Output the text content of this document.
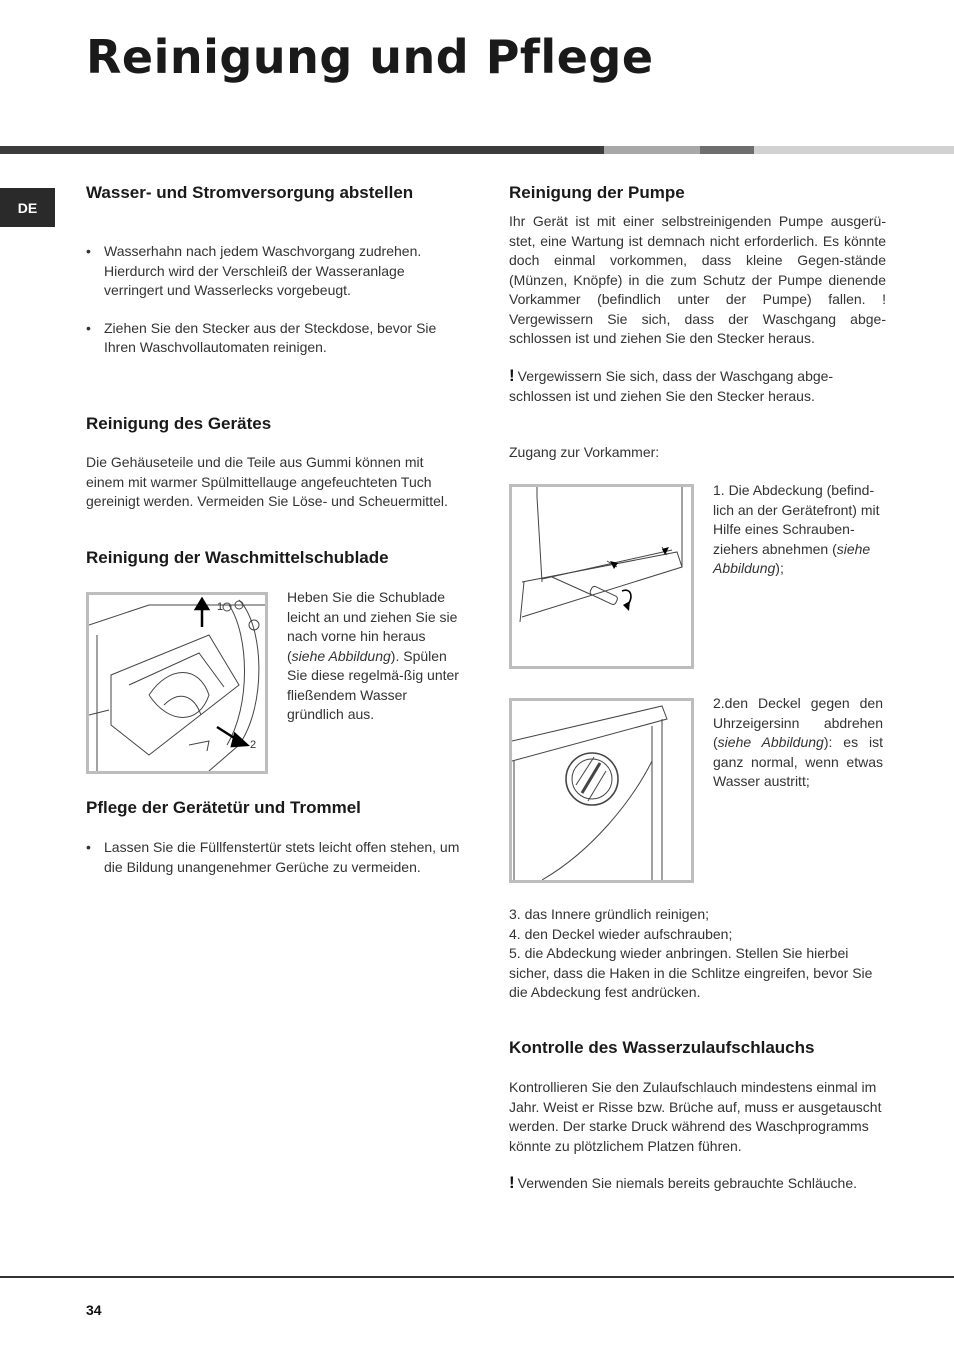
Reinigung und Pflege
DE
Wasser- und Stromversorgung abstellen
• Wasserhahn nach jedem Waschvorgang zudrehen. Hierdurch wird der Verschleiß der Wasseranlage verringert und Wasserlecks vorgebeugt.
• Ziehen Sie den Stecker aus der Steckdose, bevor Sie Ihren Waschvollautomaten reinigen.
Reinigung des Gerätes

Die Gehäuseteile und die Teile aus Gummi können mit einem mit warmer Spülmittellauge angefeuchteten Tuch gereinigt werden. Vermeiden Sie Löse- und Scheuermittel.

Reinigung der Waschmittelschublade
1
2

Heben Sie die Schublade leicht an und ziehen Sie sie nach vorne hin heraus (siehe Abbildung). Spülen Sie diese regelmä-ßig unter fließendem Wasser gründlich aus.

Pflege der Gerätetür und Trommel
• Lassen Sie die Füllfenstertür stets leicht offen stehen, um die Bildung unangenehmer Gerüche zu vermeiden.
Reinigung der Pumpe

Ihr Gerät ist mit einer selbstreinigenden Pumpe ausgerü-stet, eine Wartung ist demnach nicht erforderlich. Es könnte doch einmal vorkommen, dass kleine Gegen-stände (Münzen, Knöpfe) in die zum Schutz der Pumpe dienende Vorkammer (befindlich unter der Pumpe) fallen. ! Vergewissern Sie sich, dass der Waschgang abge-schlossen ist und ziehen Sie den Stecker heraus.

! Vergewissern Sie sich, dass der Waschgang abge-schlossen ist und ziehen Sie den Stecker heraus.

Zugang zur Vorkammer:

1. Die Abdeckung (befind-lich an der Gerätefront) mit Hilfe eines Schrauben-ziehers abnehmen (siehe Abbildung);

2.den Deckel gegen den Uhrzeigersinn abdrehen (siehe Abbildung): es ist ganz normal, wenn etwas Wasser austritt;

3. das Innere gründlich reinigen;

4. den Deckel wieder aufschrauben;

5. die Abdeckung wieder anbringen. Stellen Sie hierbei sicher, dass die Haken in die Schlitze eingreifen, bevor Sie die Abdeckung fest andrücken.

Kontrolle des Wasserzulaufschlauchs

Kontrollieren Sie den Zulaufschlauch mindestens einmal im Jahr. Weist er Risse bzw. Brüche auf, muss er ausgetauscht werden. Der starke Druck während des Waschprogramms könnte zu plötzlichem Platzen führen.

! Verwenden Sie niemals bereits gebrauchte Schläuche.

34
